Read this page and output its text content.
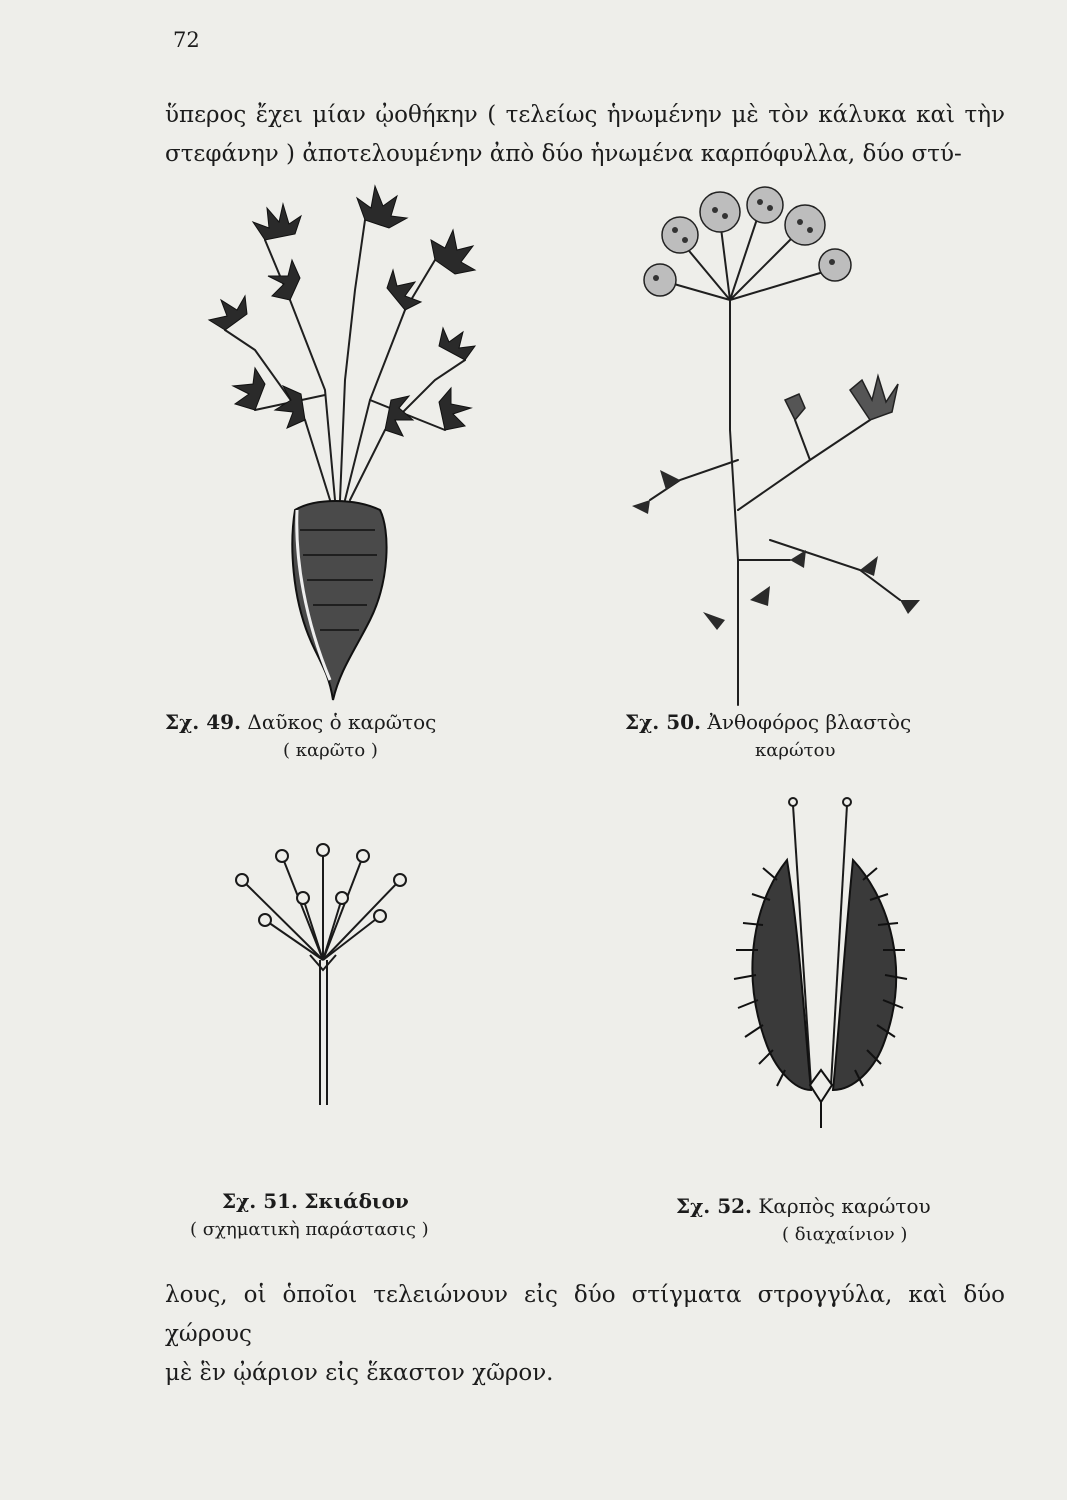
72
ὕπερος ἔχει μίαν ᾠοθήκην ( τελείως ἡνωμένην μὲ τὸν κάλυκα καὶ τὴν
στεφάνην ) ἀποτελουμένην ἀπὸ δύο ἡνωμένα καρπόφυλλα, δύο στύ-
Σχ. 49. Δαῦκος ὁ καρῶτος
( καρῶτο )
Σχ. 50. Ἀνθοφόρος βλαστὸς
καρώτου
Σχ. 51. Σκιάδιον
( σχηματικὴ παράστασις )
Σχ. 52. Καρπὸς καρώτου
( διαχαίνιον )
λους, οἱ ὁποῖοι τελειώνουν εἰς δύο στίγματα στρογγύλα, καὶ δύο χώρους
μὲ ἓν ᾠάριον εἰς ἕκαστον χῶρον.
